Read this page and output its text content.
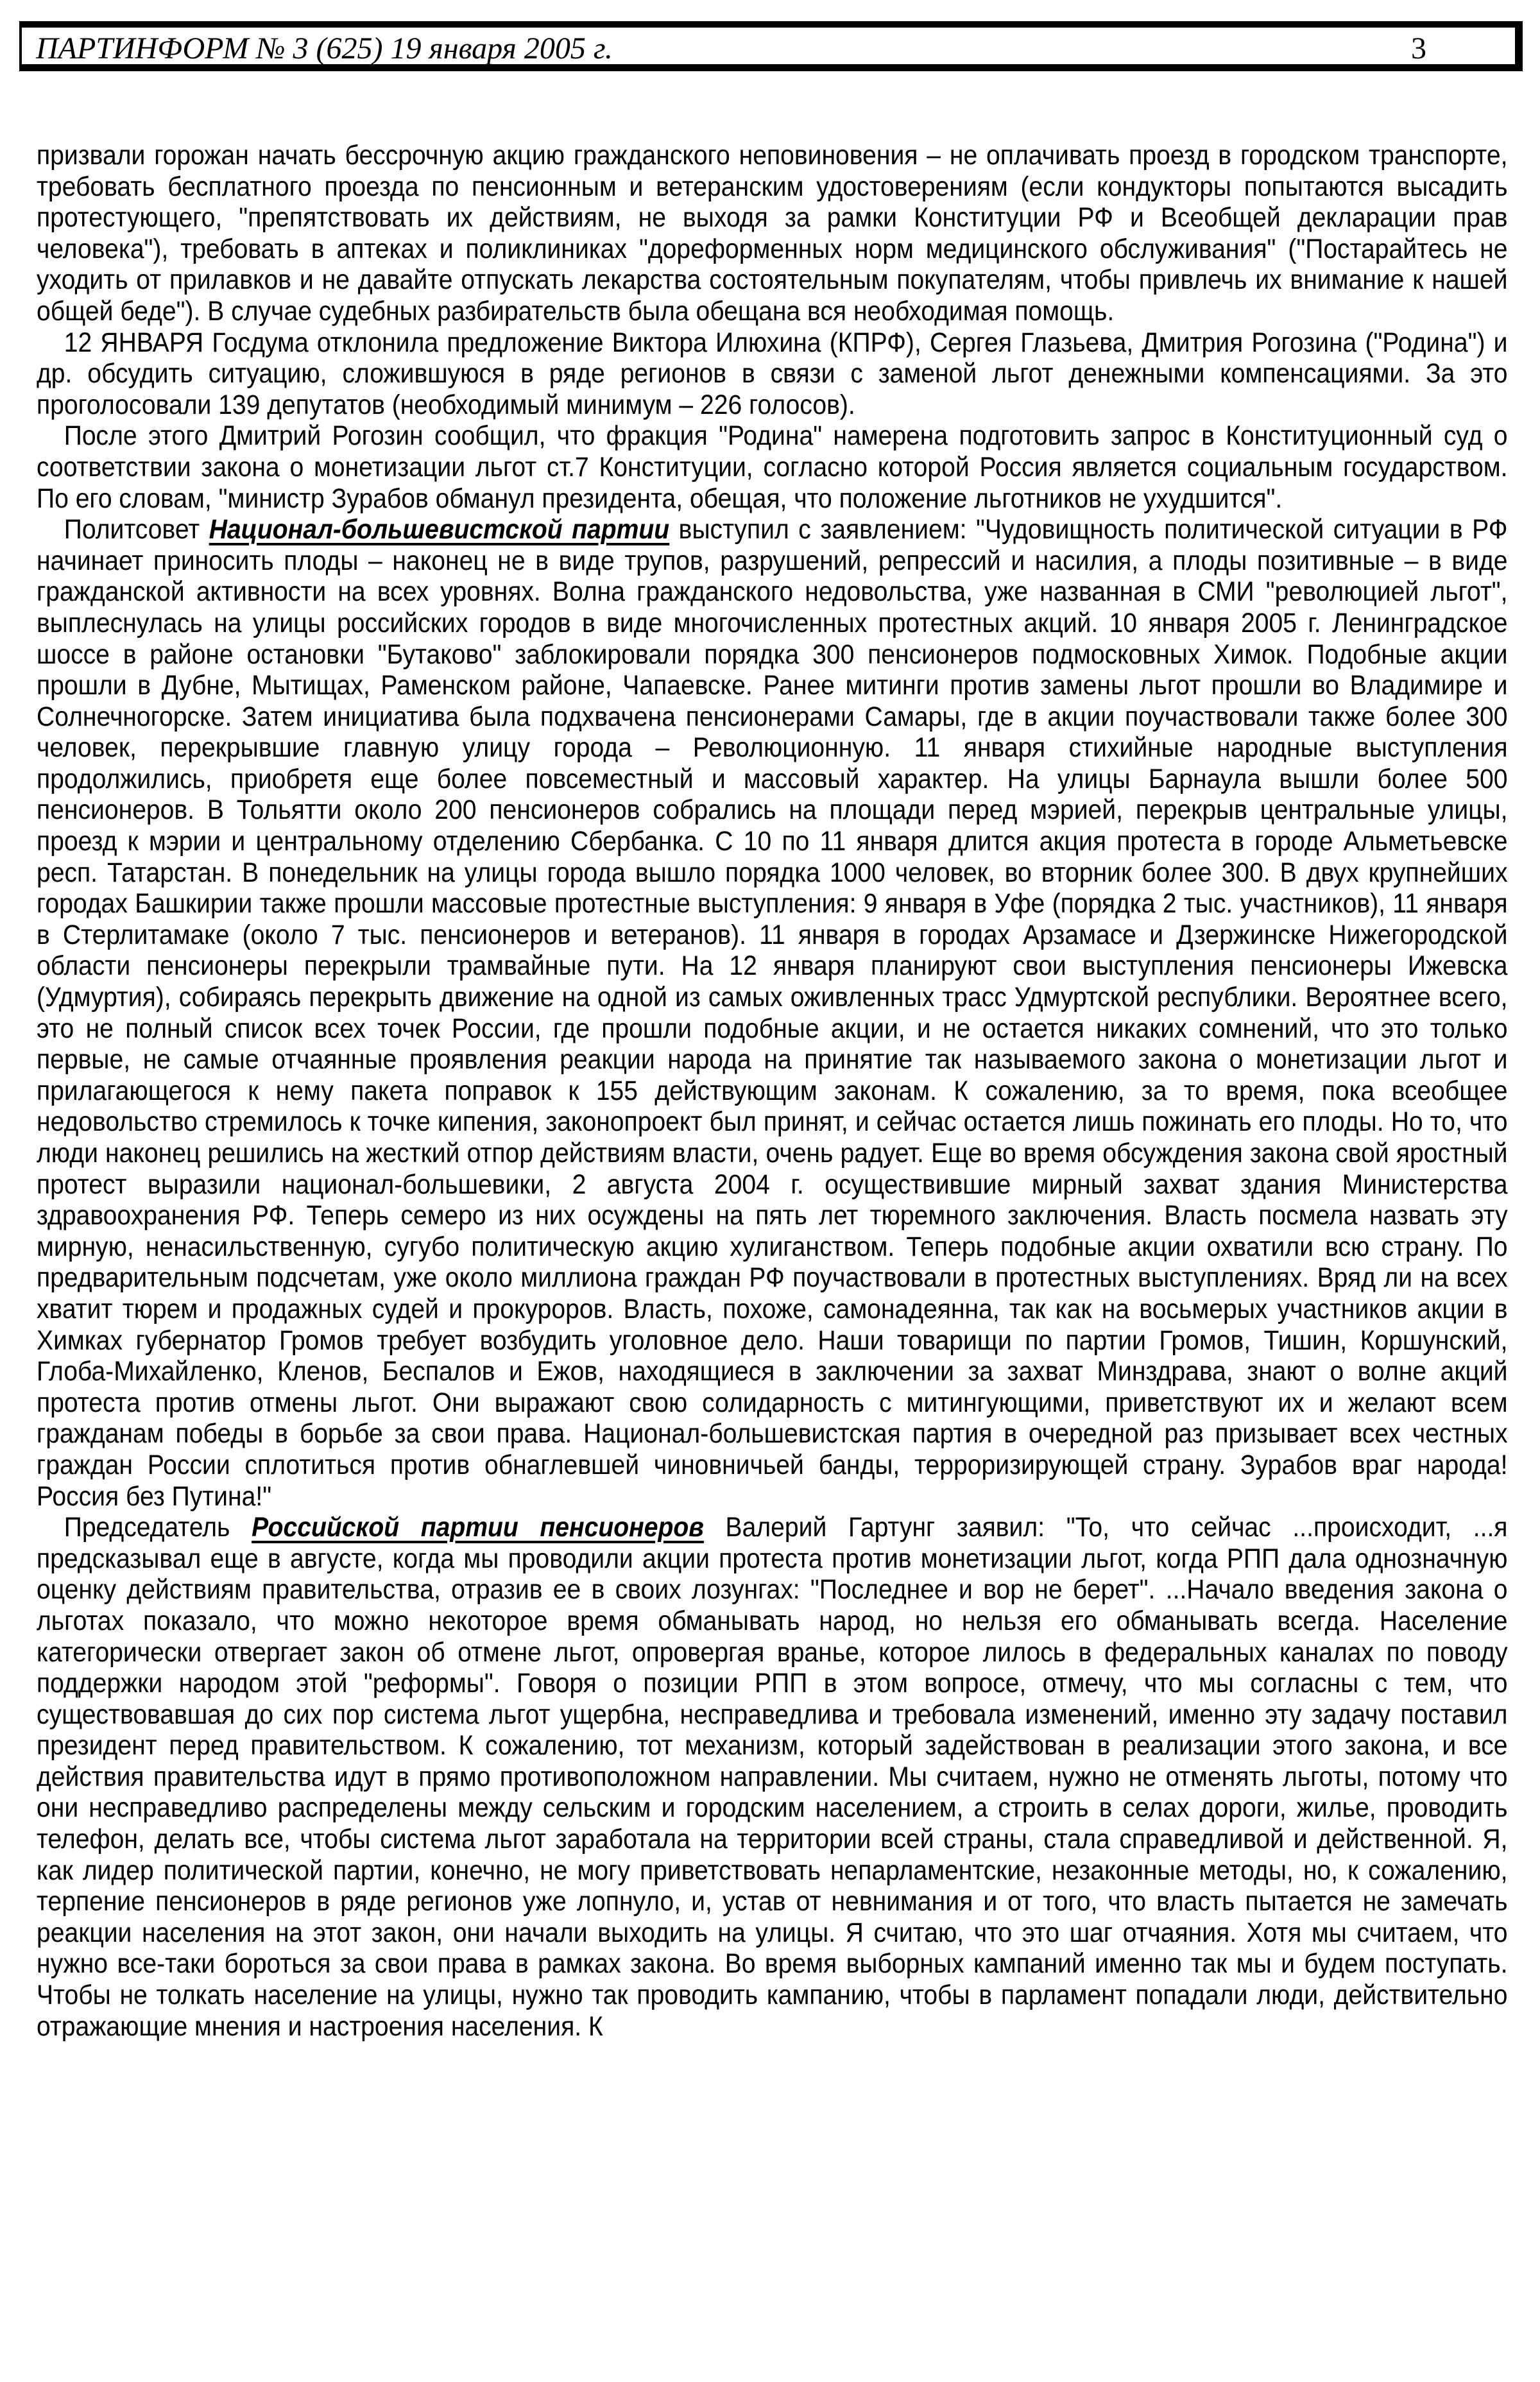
ПАРТИНФОРМ № 3 (625) 19 января 2005 г.	3

призвали горожан начать бессрочную акцию гражданского неповиновения – не оплачивать проезд в городском транспорте, требовать бесплатного проезда по пенсионным и ветеранским удостоверениям (если кондукторы попытаются высадить протестующего, "препятствовать их действиям, не выходя за рамки Конституции РФ и Всеобщей декларации прав человека"), требовать в аптеках и поликлиниках "дореформенных норм медицинского обслуживания" ("Постарайтесь не уходить от прилавков и не давайте отпускать лекарства состоятельным покупателям, чтобы привлечь их внимание к нашей общей беде"). В случае судебных разбирательств была обещана вся необходимая помощь.

12 ЯНВАРЯ Госдума отклонила предложение Виктора Илюхина (КПРФ), Сергея Глазьева, Дмитрия Рогозина ("Родина") и др. обсудить ситуацию, сложившуюся в ряде регионов в связи с заменой льгот денежными компенсациями. За это проголосовали 139 депутатов (необходимый минимум – 226 голосов).

После этого Дмитрий Рогозин сообщил, что фракция "Родина" намерена подготовить запрос в Конституционный суд о соответствии закона о монетизации льгот ст.7 Конституции, согласно которой Россия является социальным государством. По его словам, "министр Зурабов обманул президента, обещая, что положение льготников не ухудшится".

Политсовет Национал-большевистской партии выступил с заявлением: "Чудовищность политической ситуации в РФ начинает приносить плоды – наконец не в виде трупов, разрушений, репрессий и насилия, а плоды позитивные – в виде гражданской активности на всех уровнях. Волна гражданского недовольства, уже названная в СМИ "революцией льгот", выплеснулась на улицы российских городов в виде многочисленных протестных акций. 10 января 2005 г. Ленинградское шоссе в районе остановки "Бутаково" заблокировали порядка 300 пенсионеров подмосковных Химок. Подобные акции прошли в Дубне, Мытищах, Раменском районе, Чапаевске. Ранее митинги против замены льгот прошли во Владимире и Солнечногорске. Затем инициатива была подхвачена пенсионерами Самары, где в акции поучаствовали также более 300 человек, перекрывшие главную улицу города – Революционную. 11 января стихийные народные выступления продолжились, приобретя еще более повсеместный и массовый характер. На улицы Барнаула вышли более 500 пенсионеров. В Тольятти около 200 пенсионеров собрались на площади перед мэрией, перекрыв центральные улицы, проезд к мэрии и центральному отделению Сбербанка. С 10 по 11 января длится акция протеста в городе Альметьевске респ. Татарстан. В понедельник на улицы города вышло порядка 1000 человек, во вторник более 300. В двух крупнейших городах Башкирии также прошли массовые протестные выступления: 9 января в Уфе (порядка 2 тыс. участников), 11 января в Стерлитамаке (около 7 тыс. пенсионеров и ветеранов). 11 января в городах Арзамасе и Дзержинске Нижегородской области пенсионеры перекрыли трамвайные пути. На 12 января планируют свои выступления пенсионеры Ижевска (Удмуртия), собираясь перекрыть движение на одной из самых оживленных трасс Удмуртской республики. Вероятнее всего, это не полный список всех точек России, где прошли подобные акции, и не остается никаких сомнений, что это только первые, не самые отчаянные проявления реакции народа на принятие так называемого закона о монетизации льгот и прилагающегося к нему пакета поправок к 155 действующим законам. К сожалению, за то время, пока всеобщее недовольство стремилось к точке кипения, законопроект был принят, и сейчас остается лишь пожинать его плоды. Но то, что люди наконец решились на жесткий отпор действиям власти, очень радует. Еще во время обсуждения закона свой яростный протест выразили национал-большевики, 2 августа 2004 г. осуществившие мирный захват здания Министерства здравоохранения РФ. Теперь семеро из них осуждены на пять лет тюремного заключения. Власть посмела назвать эту мирную, ненасильственную, сугубо политическую акцию хулиганством. Теперь подобные акции охватили всю страну. По предварительным подсчетам, уже около миллиона граждан РФ поучаствовали в протестных выступлениях. Вряд ли на всех хватит тюрем и продажных судей и прокуроров. Власть, похоже, самонадеянна, так как на восьмерых участников акции в Химках губернатор Громов требует возбудить уголовное дело. Наши товарищи по партии Громов, Тишин, Коршунский, Глоба-Михайленко, Кленов, Беспалов и Ежов, находящиеся в заключении за захват Минздрава, знают о волне акций протеста против отмены льгот. Они выражают свою солидарность с митингующими, приветствуют их и желают всем гражданам победы в борьбе за свои права. Национал-большевистская партия в очередной раз призывает всех честных граждан России сплотиться против обнаглевшей чиновничьей банды, терроризирующей страну. Зурабов враг народа! Россия без Путина!"

Председатель Российской партии пенсионеров Валерий Гартунг заявил: "То, что сейчас ...происходит, ...я предсказывал еще в августе, когда мы проводили акции протеста против монетизации льгот, когда РПП дала однозначную оценку действиям правительства, отразив ее в своих лозунгах: "Последнее и вор не берет". ...Начало введения закона о льготах показало, что можно некоторое время обманывать народ, но нельзя его обманывать всегда. Население категорически отвергает закон об отмене льгот, опровергая вранье, которое лилось в федеральных каналах по поводу поддержки народом этой "реформы". Говоря о позиции РПП в этом вопросе, отмечу, что мы согласны с тем, что существовавшая до сих пор система льгот ущербна, несправедлива и требовала изменений, именно эту задачу поставил президент перед правительством. К сожалению, тот механизм, который задействован в реализации этого закона, и все действия правительства идут в прямо противоположном направлении. Мы считаем, нужно не отменять льготы, потому что они несправедливо распределены между сельским и городским населением, а строить в селах дороги, жилье, проводить телефон, делать все, чтобы система льгот заработала на территории всей страны, стала справедливой и действенной. Я, как лидер политической партии, конечно, не могу приветствовать непарламентские, незаконные методы, но, к сожалению, терпение пенсионеров в ряде регионов уже лопнуло, и, устав от невнимания и от того, что власть пытается не замечать реакции населения на этот закон, они начали выходить на улицы. Я считаю, что это шаг отчаяния. Хотя мы считаем, что нужно все-таки бороться за свои права в рамках закона. Во время выборных кампаний именно так мы и будем поступать. Чтобы не толкать население на улицы, нужно так проводить кампанию, чтобы в парламент попадали люди, действительно отражающие мнения и настроения населения. К
